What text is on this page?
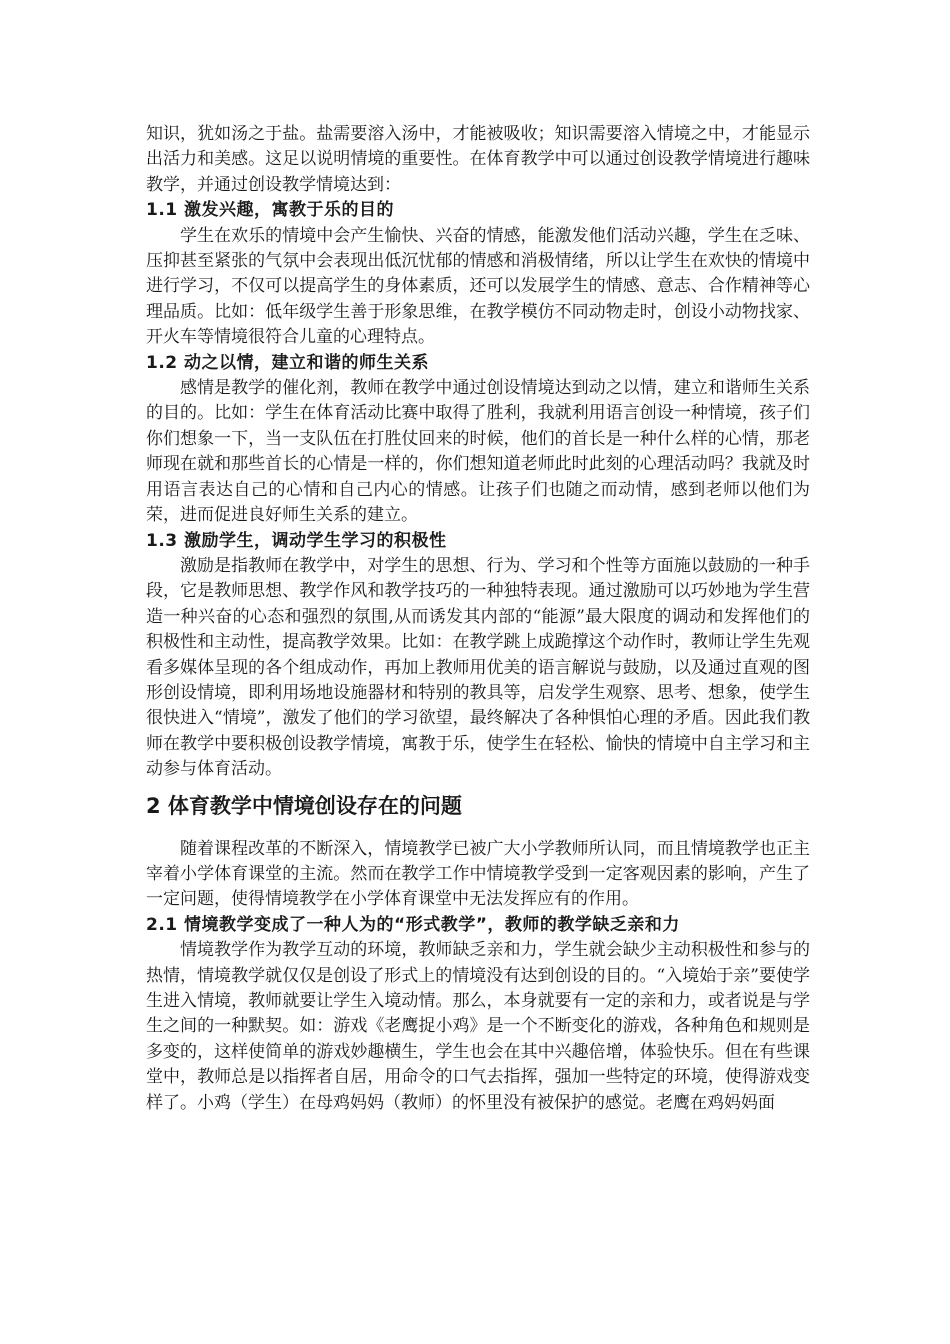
知识，犹如汤之于盐。盐需要溶入汤中，才能被吸收；知识需要溶入情境之中，才能显示出活力和美感。这足以说明情境的重要性。在体育教学中可以通过创设教学情境进行趣味教学，并通过创设教学情境达到：

1.1 激发兴趣，寓教于乐的目的

学生在欢乐的情境中会产生愉快、兴奋的情感，能激发他们活动兴趣，学生在乏味、压抑甚至紧张的气氛中会表现出低沉忧郁的情感和消极情绪，所以让学生在欢快的情境中进行学习，不仅可以提高学生的身体素质，还可以发展学生的情感、意志、合作精神等心理品质。比如：低年级学生善于形象思维，在教学模仿不同动物走时，创设小动物找家、开火车等情境很符合儿童的心理特点。

1.2 动之以情，建立和谐的师生关系

感情是教学的催化剂，教师在教学中通过创设情境达到动之以情，建立和谐师生关系的目的。比如：学生在体育活动比赛中取得了胜利，我就利用语言创设一种情境，孩子们你们想象一下，当一支队伍在打胜仗回来的时候，他们的首长是一种什么样的心情，那老师现在就和那些首长的心情是一样的，你们想知道老师此时此刻的心理活动吗？我就及时用语言表达自己的心情和自己内心的情感。让孩子们也随之而动情，感到老师以他们为荣，进而促进良好师生关系的建立。

1.3 激励学生，调动学生学习的积极性

激励是指教师在教学中，对学生的思想、行为、学习和个性等方面施以鼓励的一种手段，它是教师思想、教学作风和教学技巧的一种独特表现。通过激励可以巧妙地为学生营造一种兴奋的心态和强烈的氛围,从而诱发其内部的“能源”最大限度的调动和发挥他们的积极性和主动性，提高教学效果。比如：在教学跳上成跪撑这个动作时，教师让学生先观看多媒体呈现的各个组成动作，再加上教师用优美的语言解说与鼓励，以及通过直观的图形创设情境，即利用场地设施器材和特别的教具等，启发学生观察、思考、想象，使学生很快进入“情境”，激发了他们的学习欲望，最终解决了各种惧怕心理的矛盾。因此我们教师在教学中要积极创设教学情境，寓教于乐，使学生在轻松、愉快的情境中自主学习和主动参与体育活动。

2 体育教学中情境创设存在的问题

随着课程改革的不断深入，情境教学已被广大小学教师所认同，而且情境教学也正主宰着小学体育课堂的主流。然而在教学工作中情境教学受到一定客观因素的影响，产生了一定问题，使得情境教学在小学体育课堂中无法发挥应有的作用。

2.1 情境教学变成了一种人为的“形式教学”，教师的教学缺乏亲和力

情境教学作为教学互动的环境，教师缺乏亲和力，学生就会缺少主动积极性和参与的热情，情境教学就仅仅是创设了形式上的情境没有达到创设的目的。“入境始于亲”要使学生进入情境，教师就要让学生入境动情。那么，本身就要有一定的亲和力，或者说是与学生之间的一种默契。如：游戏《老鹰捉小鸡》是一个不断变化的游戏，各种角色和规则是多变的，这样使简单的游戏妙趣横生，学生也会在其中兴趣倍增，体验快乐。但在有些课堂中，教师总是以指挥者自居，用命令的口气去指挥，强加一些特定的环境，使得游戏变样了。小鸡（学生）在母鸡妈妈（教师）的怀里没有被保护的感觉。老鹰在鸡妈妈面
